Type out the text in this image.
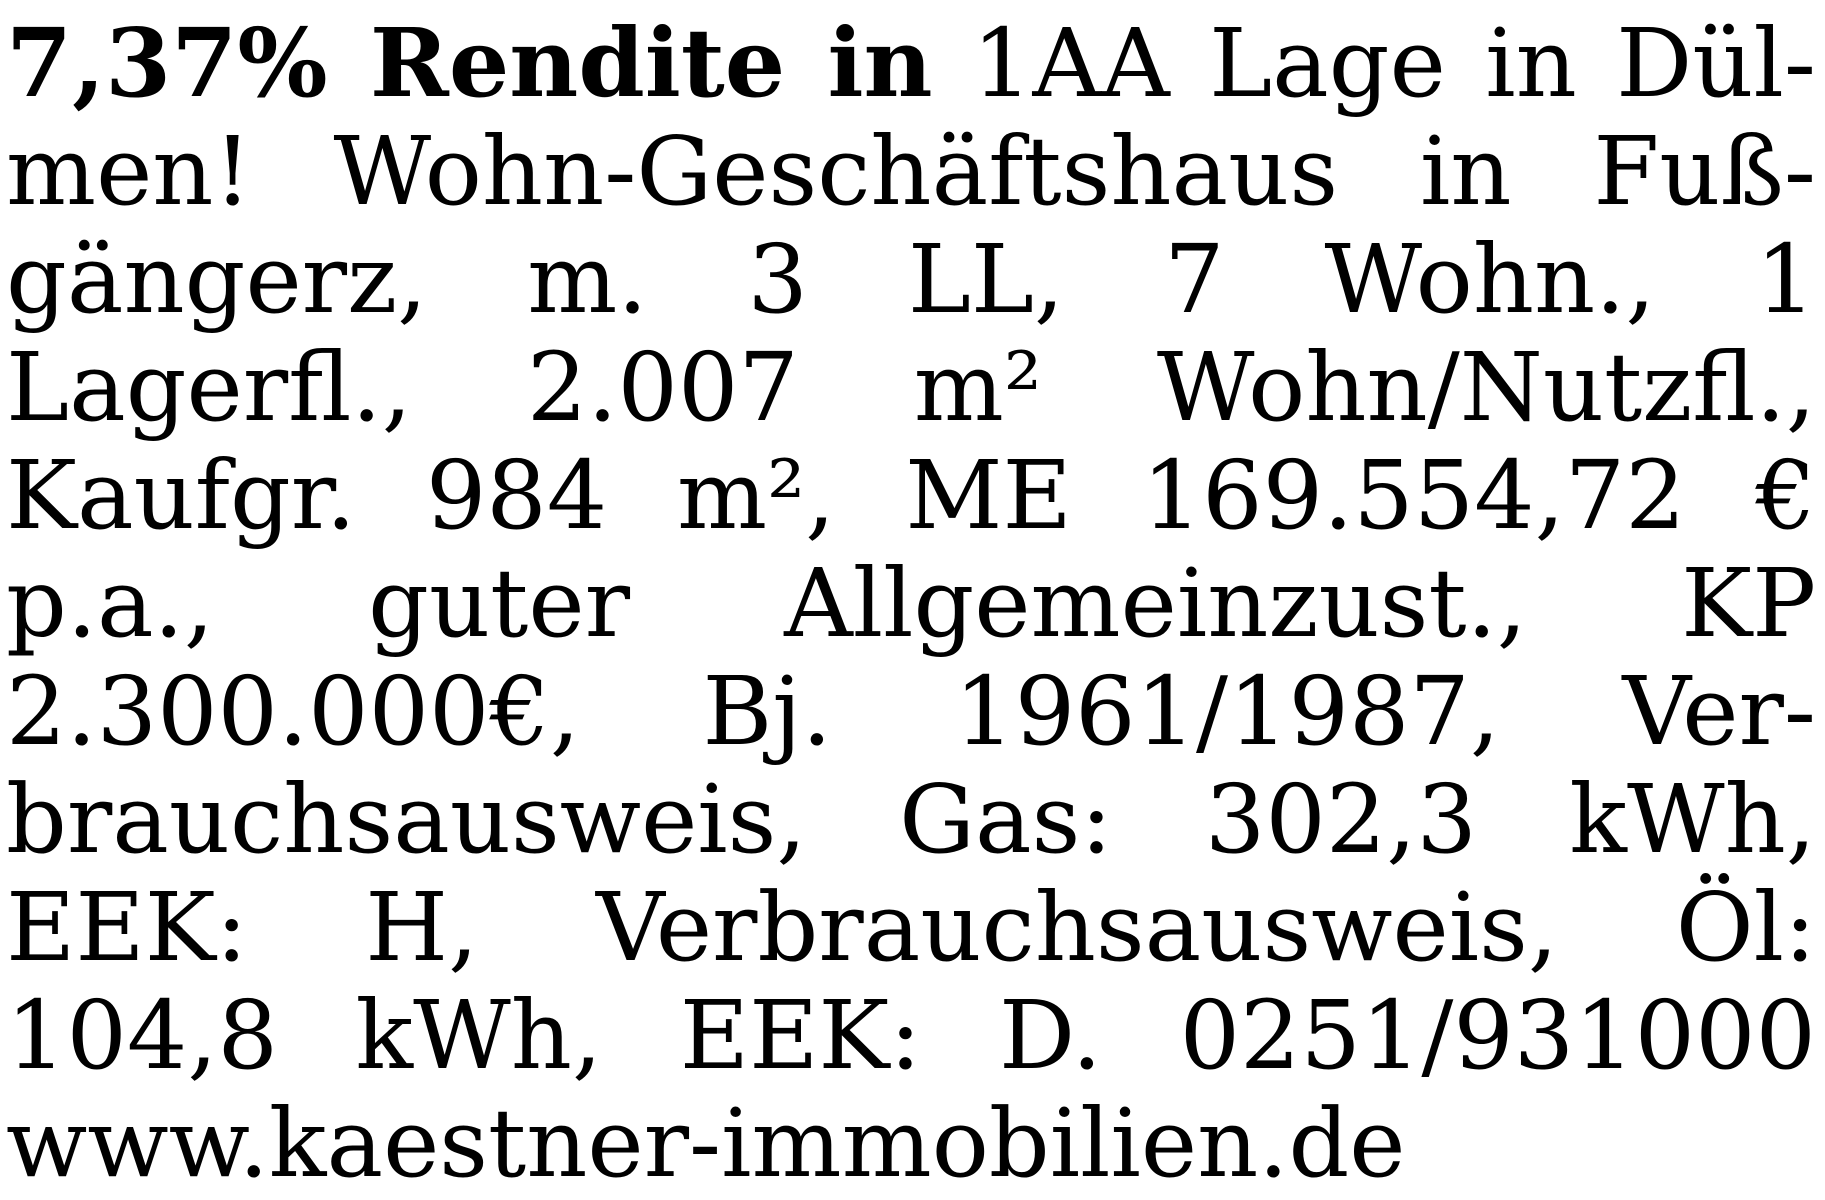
7,37% Rendite in 1AA Lage in Dül-
men! Wohn-Geschäftshaus in Fuß-
gängerz, m. 3 LL, 7 Wohn., 1
Lagerfl., 2.007 m² Wohn/Nutzfl.,
Kaufgr. 984 m², ME 169.554,72 €
p.a., guter Allgemeinzust., KP
2.300.000€, Bj. 1961/1987, Ver-
brauchsausweis, Gas: 302,3 kWh,
EEK: H, Verbrauchsausweis, Öl:
104,8 kWh, EEK: D. 0251/931000
www.kaestner-immobilien.de
